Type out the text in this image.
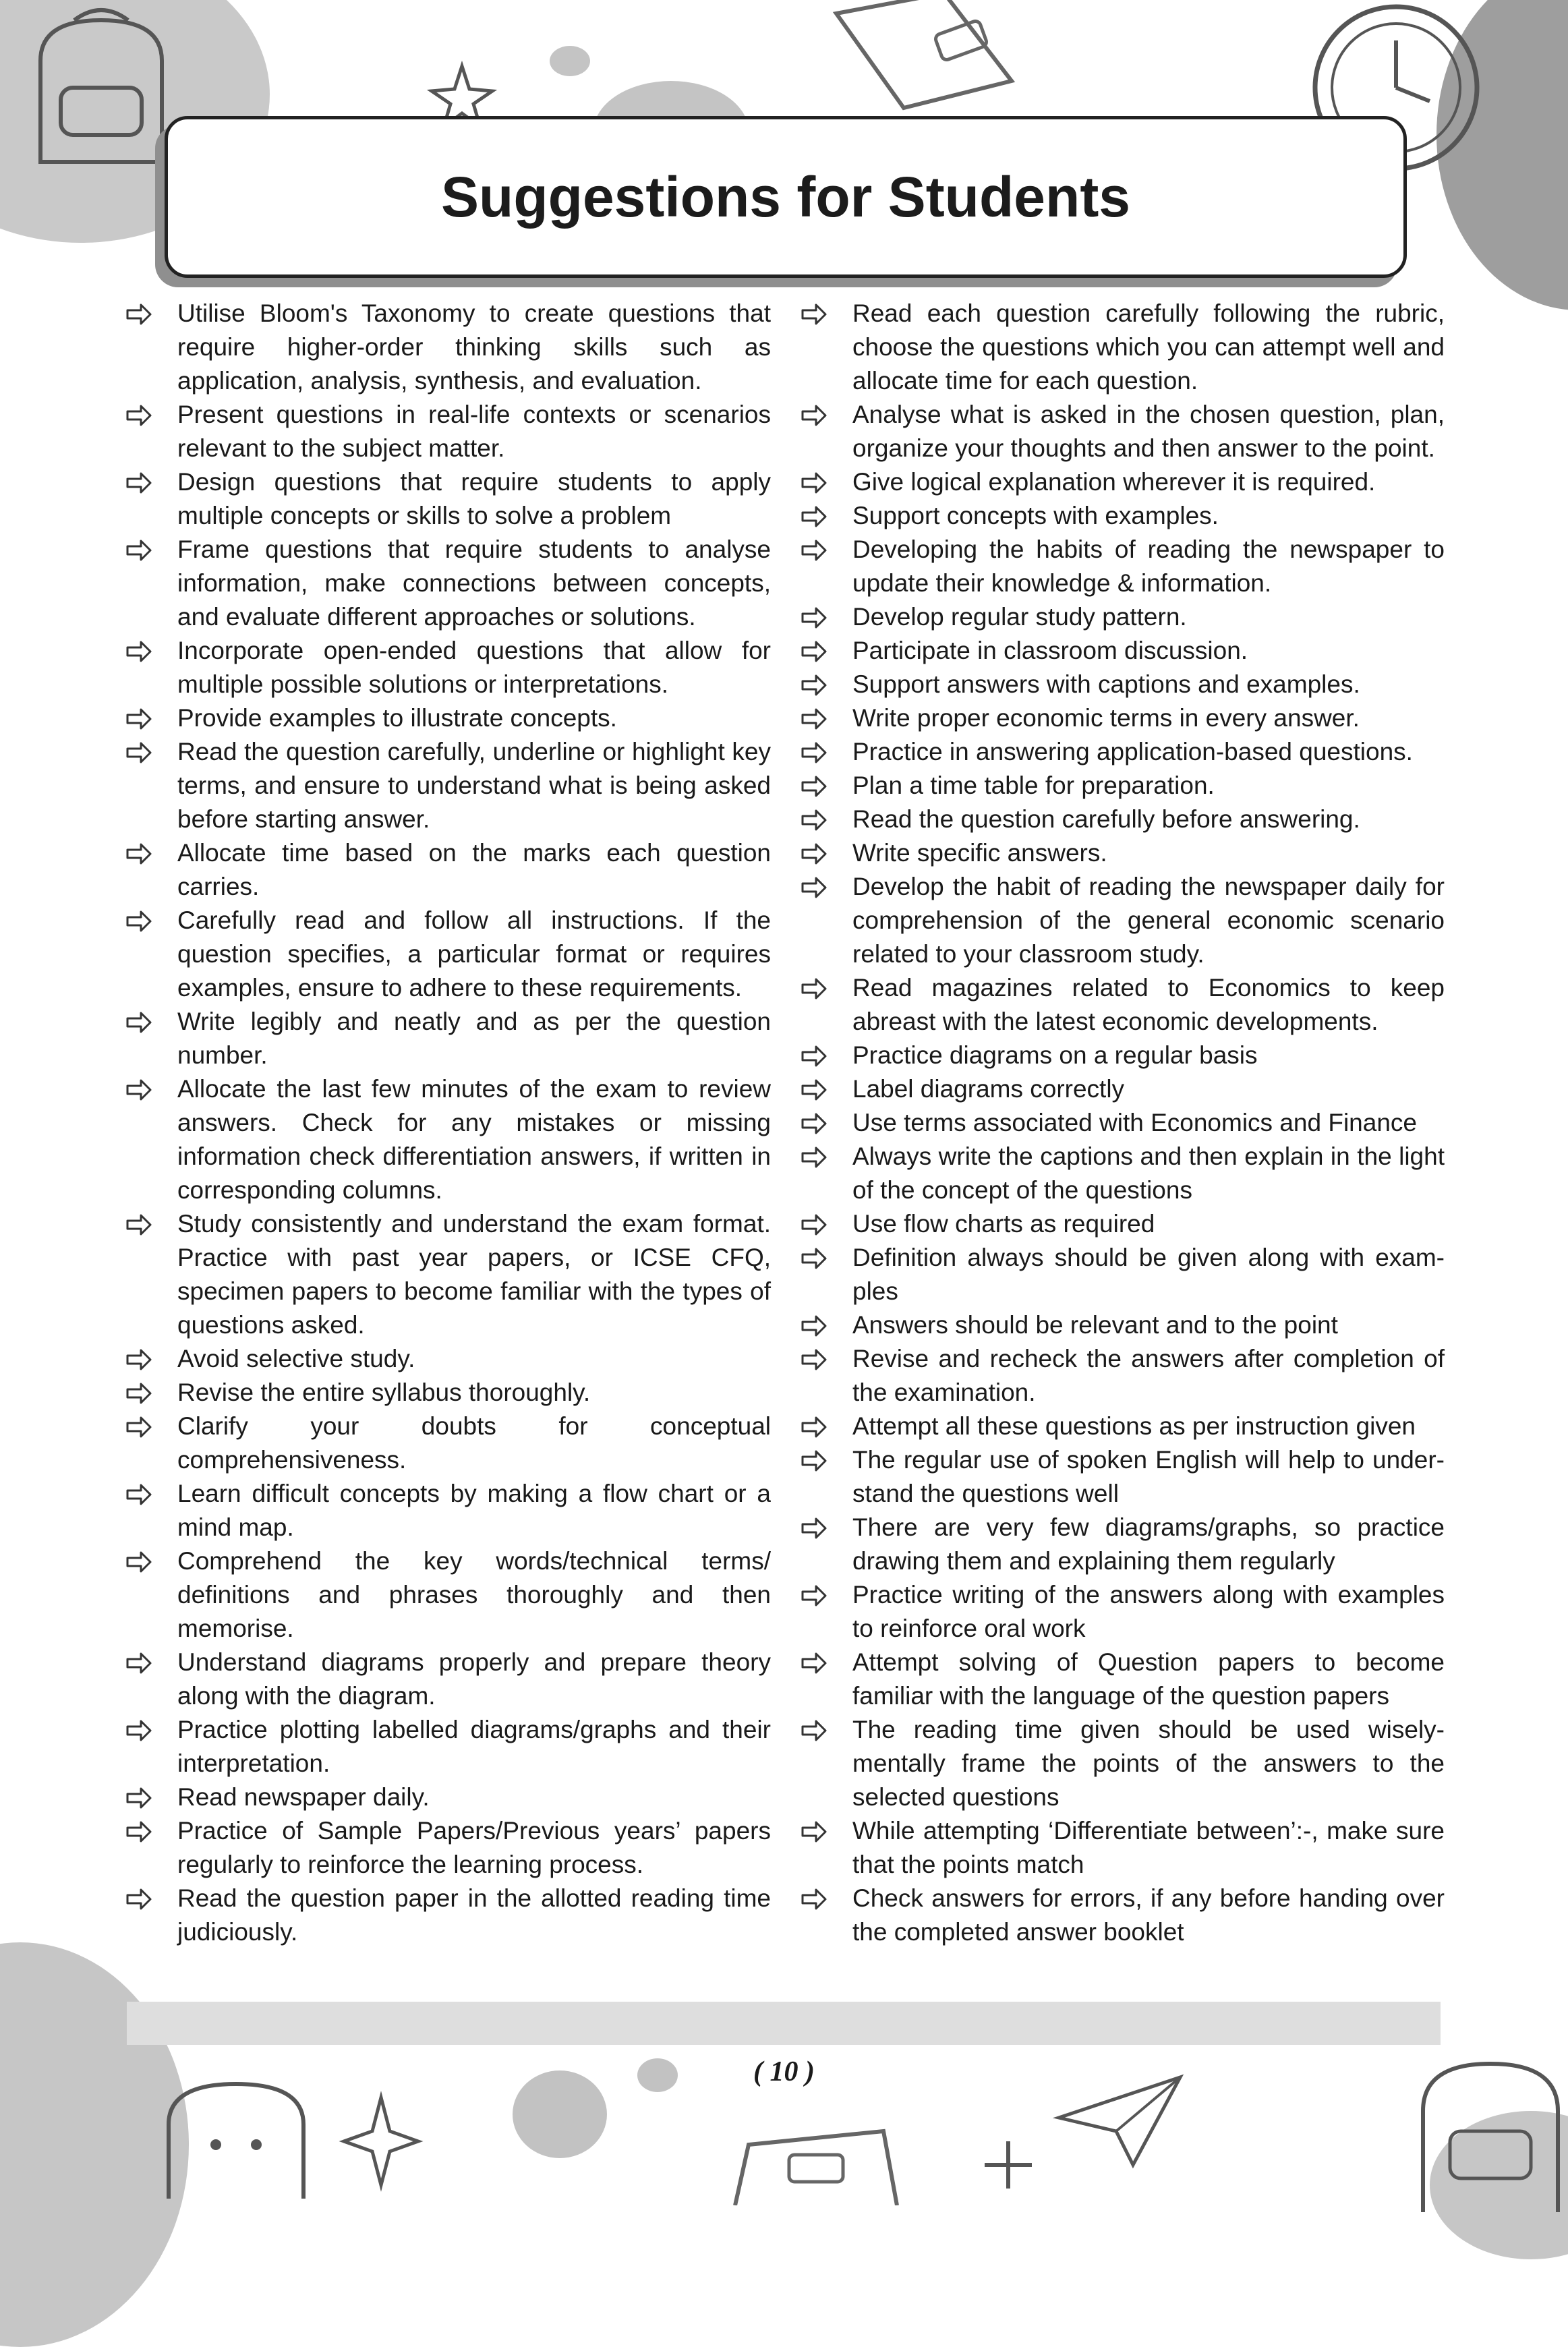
Suggestions for Students
Utilise Bloom's Taxonomy to create questions that require higher-order thinking skills such as application, analysis, synthesis, and evaluation.
Present questions in real-life contexts or scenarios relevant to the subject matter.
Design questions that require students to apply multiple concepts or skills to solve a problem
Frame questions that require students to analyse information, make connections between concepts, and evaluate different approaches or solutions.
Incorporate open-ended questions that allow for multiple possible solutions or interpretations.
Provide examples to illustrate concepts.
Read the question carefully, underline or highlight key terms, and ensure to understand what is being asked before starting answer.
Allocate time based on the marks each question carries.
Carefully read and follow all instructions. If the question specifies, a particular format or requires examples, ensure to adhere to these requirements.
Write legibly and neatly and as per the question number.
Allocate the last few minutes of the exam to review answers. Check for any mistakes or missing information check differentiation answers, if written in corresponding columns.
Study consistently and understand the exam format. Practice with past year papers, or ICSE CFQ, specimen papers to become familiar with the types of questions asked.
Avoid selective study.
Revise the entire syllabus thoroughly.
Clarify your doubts for conceptual comprehensiveness.
Learn difficult concepts by making a flow chart or a mind map.
Comprehend the key words/technical terms/ definitions and phrases thoroughly and then memorise.
Understand diagrams properly and prepare theory along with the diagram.
Practice plotting labelled diagrams/graphs and their interpretation.
Read newspaper daily.
Practice of Sample Papers/Previous years’ papers regularly to reinforce the learning process.
Read the question paper in the allotted reading time judiciously.
Read each question carefully following the rubric, choose the questions which you can attempt well and allocate time for each question.
Analyse what is asked in the chosen question, plan, organize your thoughts and then answer to the point.
Give logical explanation wherever it is required.
Support concepts with examples.
Developing the habits of reading the newspaper to update their knowledge & information.
Develop regular study pattern.
Participate in classroom discussion.
Support answers with captions and examples.
Write proper economic terms in every answer.
Practice in answering application-based questions.
Plan a time table for preparation.
Read the question carefully before answering.
Write specific answers.
Develop the habit of reading the newspaper daily for comprehension of the general economic scenario related to your classroom study.
Read magazines related to Economics to keep abreast with the latest economic developments.
Practice diagrams on a regular basis
Label diagrams correctly
Use terms associated with Economics and Finance
Always write the captions and then explain in the light of the concept of the questions
Use flow charts as required
Definition always should be given along with exam-ples
Answers should be relevant and to the point
Revise and recheck the answers after completion of the examination.
Attempt all these questions as per instruction given
The regular use of spoken English will help to under-stand the questions well
There are very few diagrams/graphs, so practice drawing them and explaining them regularly
Practice writing of the answers along with examples to reinforce oral work
Attempt solving of Question papers to become familiar with the language of the question papers
The reading time given should be used wisely-mentally frame the points of the answers to the selected questions
While attempting ‘Differentiate between’:-, make sure that the points match
Check answers for errors, if any before handing over the completed answer booklet
( 10 )
